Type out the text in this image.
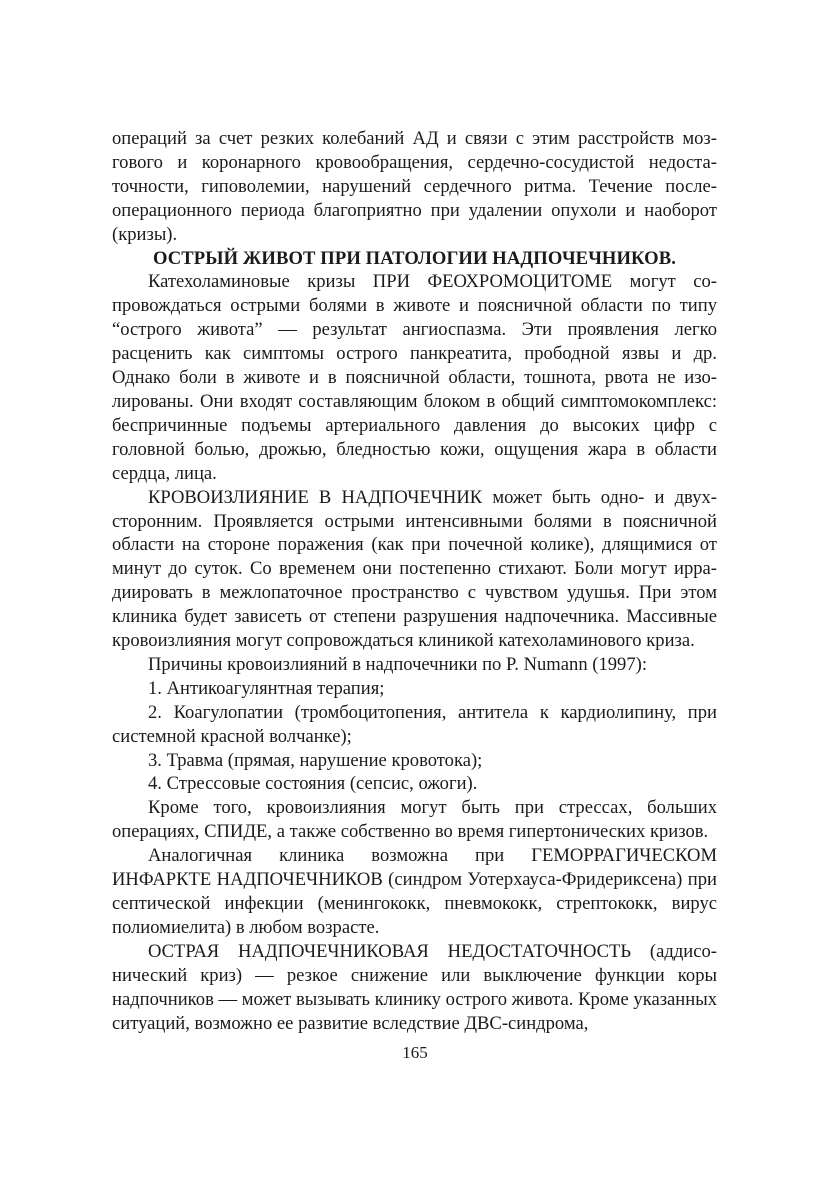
операций за счет резких колебаний АД и связи с этим расстройств мозгового и коронарного кровообращения, сердечно-сосудистой недостаточности, гиповолемии, нарушений сердечного ритма. Течение послеоперационного периода благоприятно при удалении опухоли и наоборот (кризы).

ОСТРЫЙ ЖИВОТ ПРИ ПАТОЛОГИИ НАДПОЧЕЧНИКОВ.

Катехоламиновые кризы ПРИ ФЕОХРОМОЦИТОМЕ могут сопровождаться острыми болями в животе и поясничной области по типу “острого живота” — результат ангиоспазма. Эти проявления легко расценить как симптомы острого панкреатита, прободной язвы и др. Однако боли в животе и в поясничной области, тошнота, рвота не изолированы. Они входят составляющим блоком в общий симптомокомплекс: беспричинные подъемы артериального давления до высоких цифр с головной болью, дрожью, бледностью кожи, ощущения жара в области сердца, лица.

КРОВОИЗЛИЯНИЕ В НАДПОЧЕЧНИК может быть одно- и двухсторонним. Проявляется острыми интенсивными болями в поясничной области на стороне поражения (как при почечной колике), длящимися от минут до суток. Со временем они постепенно стихают. Боли могут иррадиировать в межлопаточное пространство с чувством удушья. При этом клиника будет зависеть от степени разрушения надпочечника. Массивные кровоизлияния могут сопровождаться клиникой катехоламинового криза.

Причины кровоизлияний в надпочечники по P. Numann (1997):

1. Антикоагулянтная терапия;

2. Коагулопатии (тромбоцитопения, антитела к кардиолипину, при системной красной волчанке);

3. Травма (прямая, нарушение кровотока);

4. Стрессовые состояния (сепсис, ожоги).

Кроме того, кровоизлияния могут быть при стрессах, больших операциях, СПИДЕ, а также собственно во время гипертонических кризов.

Аналогичная клиника возможна при ГЕМОРРАГИЧЕСКОМ ИНФАРКТЕ НАДПОЧЕЧНИКОВ (синдром Уотерхауса-Фридериксена) при септической инфекции (менингококк, пневмококк, стрептококк, вирус полиомиелита) в любом возрасте.

ОСТРАЯ НАДПОЧЕЧНИКОВАЯ НЕДОСТАТОЧНОСТЬ (аддисонический криз) — резкое снижение или выключение функции коры надпочников — может вызывать клинику острого живота. Кроме указанных ситуаций, возможно ее развитие вследствие ДВС-синдрома,

165
